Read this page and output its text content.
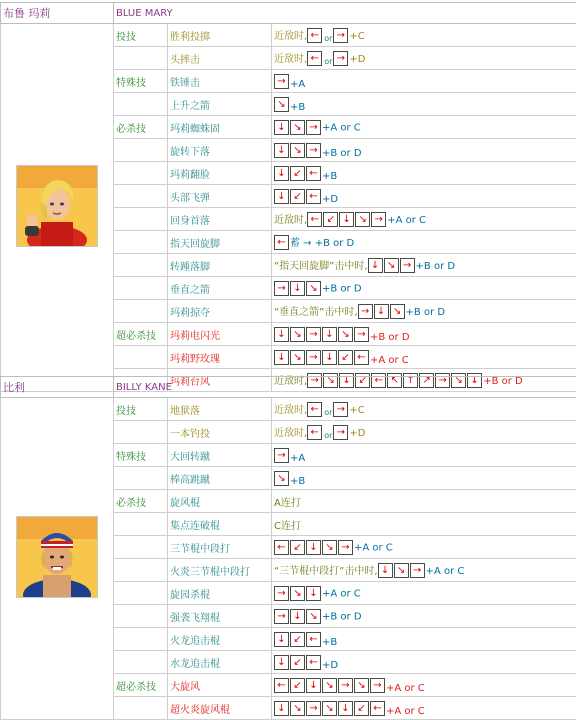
布鲁 玛莉	BLUE MARY		
	投技	胜利投掷	近敌时, ← $_{or}$ → +C
		头摔击	近敌时, ← $_{or}$ → +D
	特殊技	铁锤击	→ +A
		上升之箭	↘ +B
	必杀技	玛莉蜘蛛固	↓ ↘ → +A or C
		旋转下落	↓ ↘ → +B or D
		玛莉翻脸	↓ ↙ ← +B
		头部飞弹	↓ ↙ ← +D
		回身首落	近敌时, ← ↙ ↓ ↘ → +A or C
		指天回旋脚	← 蓄 → +B or D
		转踵落脚	“指天回旋脚”击中时, ↓ ↘ → +B or D
		垂直之箭	→ ↓ ↘ +B or D
		玛莉掠夺	“垂直之箭”击中时, → ↓ ↘ +B or D
	超必杀技	玛莉电闪光	↓ ↘ → ↓ ↘ → +B or D
		玛莉野玫瑰	↓ ↘ → ↓ ↙ ← +A or C
		玛莉台风	近敌时, → ↘ ↓ ↙ ← ↖ ↑ ↗ → ↘ ↓ +B or D
比利	BILLY KANE		
	投技	地狱落	近敌时, ← $_{or}$ → +C
		一本钓投	近敌时, ← $_{or}$ → +D
	特殊技	大回转蹴	→ +A
		棒高跳蹴	↘ +B
	必杀技	旋风棍	A连打
		集点连破棍	C连打
		三节棍中段打	← ↙ ↓ ↘ → +A or C
		火炎三节棍中段打	“三节棍中段打”击中时, ↓ ↘ → +A or C
		旋园杀棍	→ ↘ ↓ +A or C
		强袭飞翔棍	→ ↓ ↘ +B or D
		火龙追击棍	↓ ↙ ← +B
		水龙追击棍	↓ ↙ ← +D
	超必杀技	大旋风	← ↙ ↓ ↘ → ↘ → +A or C
		超火炎旋风棍	↓ ↘ → ↘ ↓ ↙ ← +A or C
